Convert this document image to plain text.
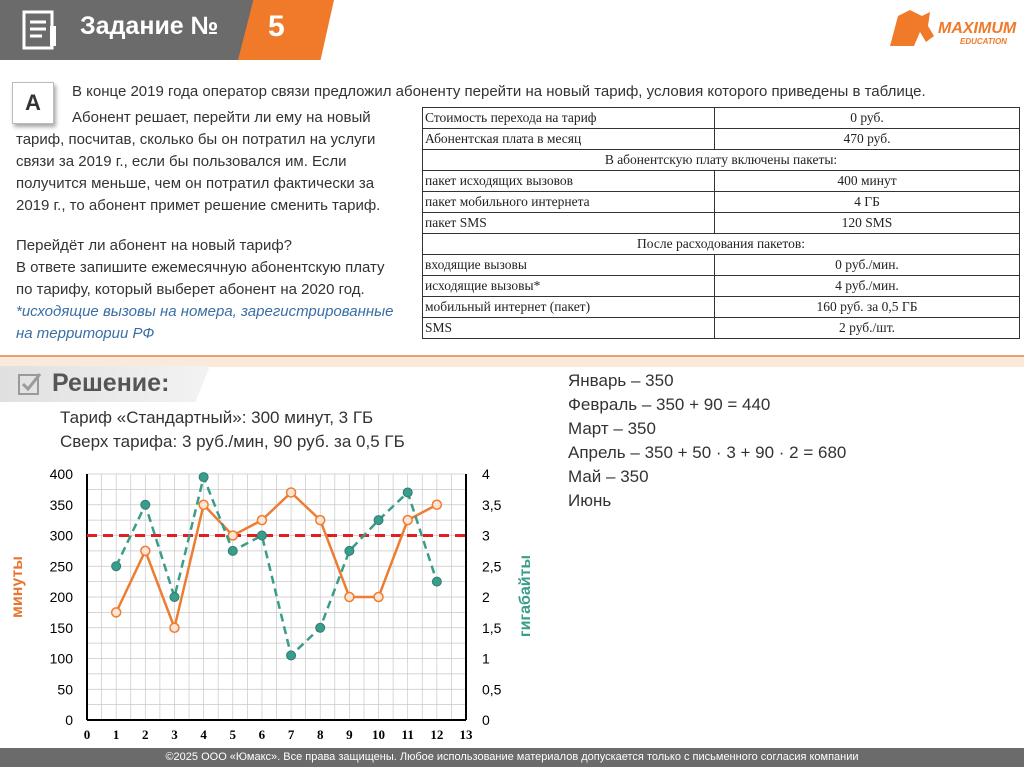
Задание № 5	MAXIMUM
EDUCATION
А	В конце 2019 года оператор связи предложил абоненту перейти на новый тариф, условия которого приведены в таблице.

Абонент решает, перейти ли ему на новый

тариф, посчитав, сколько бы он потратил на услуги

связи за 2019 г., если бы пользовался им. Если

получится меньше, чем он потратил фактически за

2019 г., то абонент примет решение сменить тариф.

Перейдёт ли абонент на новый тариф?

В ответе запишите ежемесячную абонентскую плату

по тарифу, который выберет абонент на 2020 год.

*исходящие вызовы на номера, зарегистрированные

на территории РФ

Стоимость перехода на тариф	0 руб.
Абонентская плата в месяц	470 руб.
В абонентскую плату включены пакеты:	
пакет исходящих вызовов	400 минут
пакет мобильного интернета	4 ГБ
пакет SMS	120 SMS
После расходования пакетов:	
входящие вызовы	0 руб./мин.
исходящие вызовы*	4 руб./мин.
мобильный интернет (пакет)	160 руб. за 0,5 ГБ
SMS	2 руб./шт.
Решение:
Тариф «Стандартный»: 300 минут, 3 ГБ
Сверх тарифа: 3 руб./мин, 90 руб. за 0,5 ГБ
Январь – 350
Февраль – 350 + 90 = 440
Март – 350
Апрель – 350 + 50 · 3 + 90 · 2 = 680
Май – 350
Июнь
0 1 2 3 4 5 6 7 8 9 10 11 12 13
400
350
300
250
200
150
100
50
0
4
3,5
3
2,5
2
1,5
1
0,5
0
минуты	гигабайты
©2025 ООО «Юмакс». Все права защищены. Любое использование материалов допускается только с письменного согласия компании
